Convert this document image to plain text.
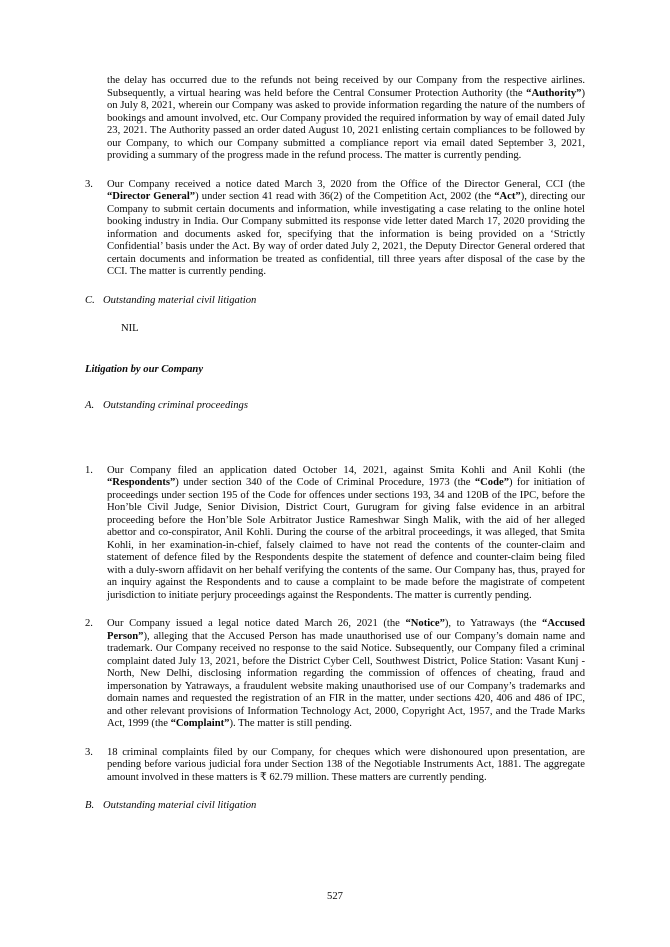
the delay has occurred due to the refunds not being received by our Company from the respective airlines. Subsequently, a virtual hearing was held before the Central Consumer Protection Authority (the “Authority”) on July 8, 2021, wherein our Company was asked to provide information regarding the nature of the numbers of bookings and amount involved, etc. Our Company provided the required information by way of email dated July 23, 2021. The Authority passed an order dated August 10, 2021 enlisting certain compliances to be followed by our Company, to which our Company submitted a compliance report via email dated September 3, 2021, providing a summary of the progress made in the refund process. The matter is currently pending.
3.	Our Company received a notice dated March 3, 2020 from the Office of the Director General, CCI (the “Director General”) under section 41 read with 36(2) of the Competition Act, 2002 (the “Act”), directing our Company to submit certain documents and information, while investigating a case relating to the online hotel booking industry in India. Our Company submitted its response vide letter dated March 17, 2020 providing the information and documents asked for, specifying that the information is being provided on a ‘Strictly Confidential’ basis under the Act. By way of order dated July 2, 2021, the Deputy Director General ordered that certain documents and information be treated as confidential, till three years after disposal of the case by the CCI. The matter is currently pending.
C. Outstanding material civil litigation
NIL
Litigation by our Company
A. Outstanding criminal proceedings
1.	Our Company filed an application dated October 14, 2021, against Smita Kohli and Anil Kohli (the “Respondents”) under section 340 of the Code of Criminal Procedure, 1973 (the “Code”) for initiation of proceedings under section 195 of the Code for offences under sections 193, 34 and 120B of the IPC, before the Hon’ble Civil Judge, Senior Division, District Court, Gurugram for giving false evidence in an arbitral proceeding before the Hon’ble Sole Arbitrator Justice Rameshwar Singh Malik, with the aid of her alleged abettor and co-conspirator, Anil Kohli. During the course of the arbitral proceedings, it was alleged, that Smita Kohli, in her examination-in-chief, falsely claimed to have not read the contents of the counter-claim and statement of defence filed by the Respondents despite the statement of defence and counter-claim being filed with a duly-sworn affidavit on her behalf verifying the contents of the same. Our Company has, thus, prayed for an inquiry against the Respondents and to cause a complaint to be made before the magistrate of competent jurisdiction to initiate perjury proceedings against the Respondents. The matter is currently pending.
2.	Our Company issued a legal notice dated March 26, 2021 (the “Notice”), to Yatraways (the “Accused Person”), alleging that the Accused Person has made unauthorised use of our Company’s domain name and trademark. Our Company received no response to the said Notice. Subsequently, our Company filed a criminal complaint dated July 13, 2021, before the District Cyber Cell, Southwest District, Police Station: Vasant Kunj - North, New Delhi, disclosing information regarding the commission of offences of cheating, fraud and impersonation by Yatraways, a fraudulent website making unauthorised use of our Company’s trademarks and domain names and requested the registration of an FIR in the matter, under sections 420, 406 and 486 of IPC, and other relevant provisions of Information Technology Act, 2000, Copyright Act, 1957, and the Trade Marks Act, 1999 (the “Complaint”). The matter is still pending.
3.	18 criminal complaints filed by our Company, for cheques which were dishonoured upon presentation, are pending before various judicial fora under Section 138 of the Negotiable Instruments Act, 1881. The aggregate amount involved in these matters is ₹ 62.79 million. These matters are currently pending.
B. Outstanding material civil litigation
527
